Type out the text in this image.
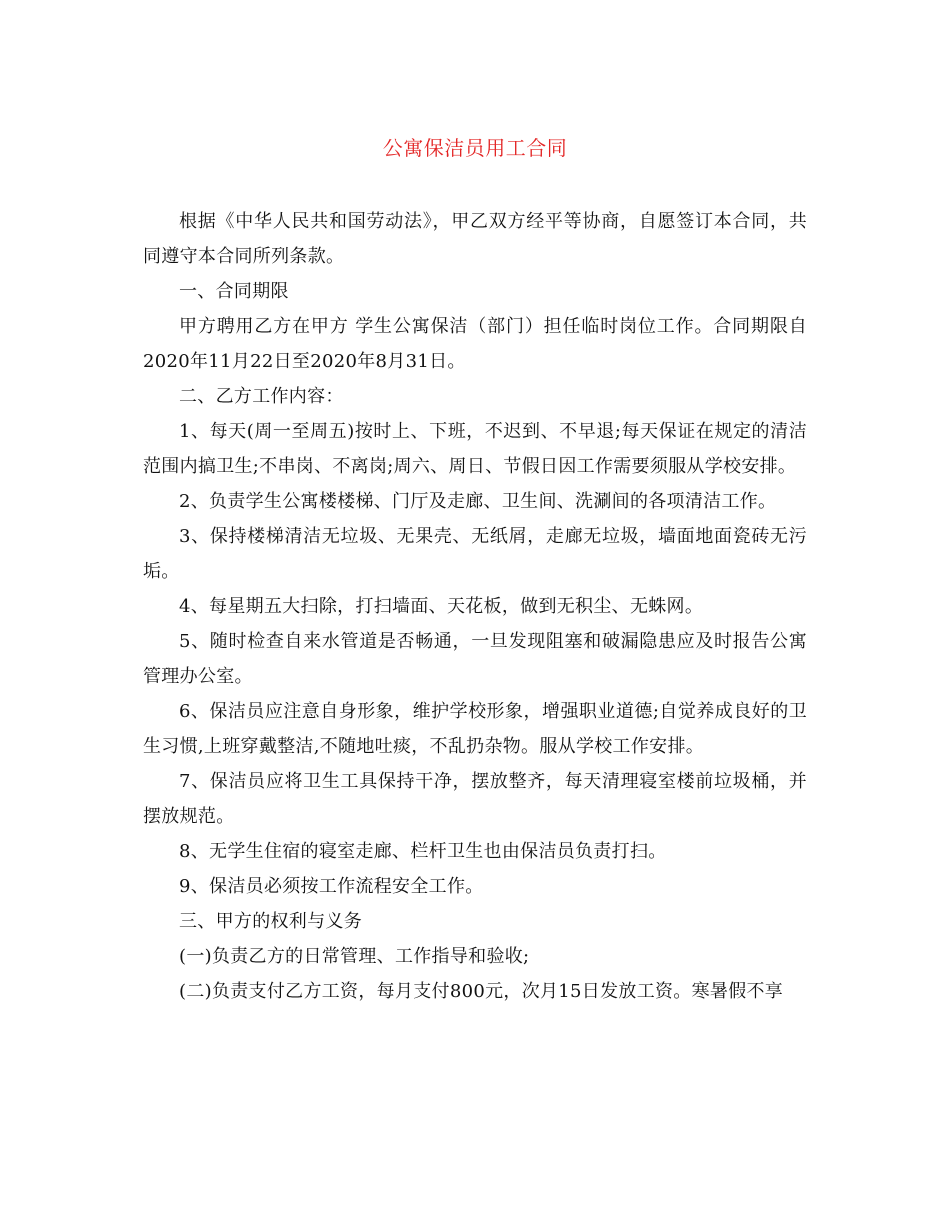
公寓保洁员用工合同

根据《中华人民共和国劳动法》，甲乙双方经平等协商，自愿签订本合同，共同遵守本合同所列条款。

一、合同期限

甲方聘用乙方在甲方 学生公寓保洁（部门）担任临时岗位工作。合同期限自2020年11月22日至2020年8月31日。

二、乙方工作内容：

1、每天(周一至周五)按时上、下班，不迟到、不早退;每天保证在规定的清洁范围内搞卫生;不串岗、不离岗;周六、周日、节假日因工作需要须服从学校安排。

2、负责学生公寓楼楼梯、门厅及走廊、卫生间、洗涮间的各项清洁工作。

3、保持楼梯清洁无垃圾、无果壳、无纸屑，走廊无垃圾，墙面地面瓷砖无污垢。

4、每星期五大扫除，打扫墙面、天花板，做到无积尘、无蛛网。

5、随时检查自来水管道是否畅通，一旦发现阻塞和破漏隐患应及时报告公寓管理办公室。

6、保洁员应注意自身形象，维护学校形象，增强职业道德;自觉养成良好的卫生习惯,上班穿戴整洁,不随地吐痰，不乱扔杂物。服从学校工作安排。

7、保洁员应将卫生工具保持干净，摆放整齐，每天清理寝室楼前垃圾桶，并摆放规范。

8、无学生住宿的寝室走廊、栏杆卫生也由保洁员负责打扫。

9、保洁员必须按工作流程安全工作。

三、甲方的权利与义务

(一)负责乙方的日常管理、工作指导和验收;

(二)负责支付乙方工资，每月支付800元，次月15日发放工资。寒暑假不享
